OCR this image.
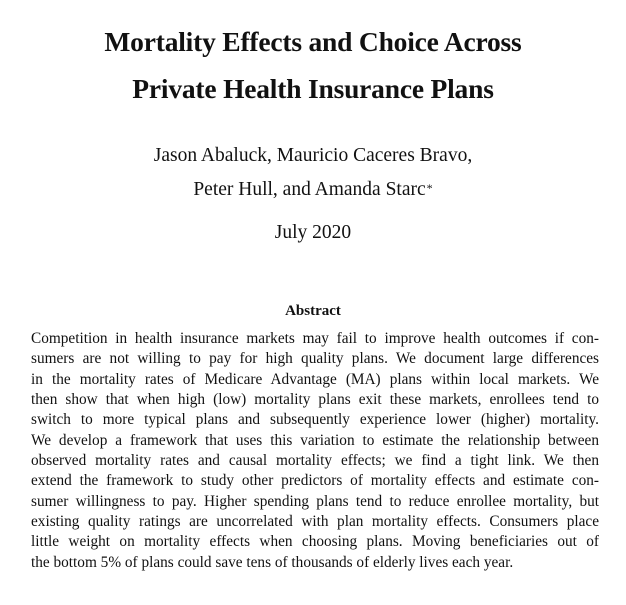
Mortality Effects and Choice Across
Private Health Insurance Plans
Jason Abaluck, Mauricio Caceres Bravo,
Peter Hull, and Amanda Starc*
July 2020
Abstract
Competition in health insurance markets may fail to improve health outcomes if con-
sumers are not willing to pay for high quality plans. We document large differences
in the mortality rates of Medicare Advantage (MA) plans within local markets. We
then show that when high (low) mortality plans exit these markets, enrollees tend to
switch to more typical plans and subsequently experience lower (higher) mortality.
We develop a framework that uses this variation to estimate the relationship between
observed mortality rates and causal mortality effects; we find a tight link. We then
extend the framework to study other predictors of mortality effects and estimate con-
sumer willingness to pay. Higher spending plans tend to reduce enrollee mortality, but
existing quality ratings are uncorrelated with plan mortality effects. Consumers place
little weight on mortality effects when choosing plans. Moving beneficiaries out of
the bottom 5% of plans could save tens of thousands of elderly lives each year.
